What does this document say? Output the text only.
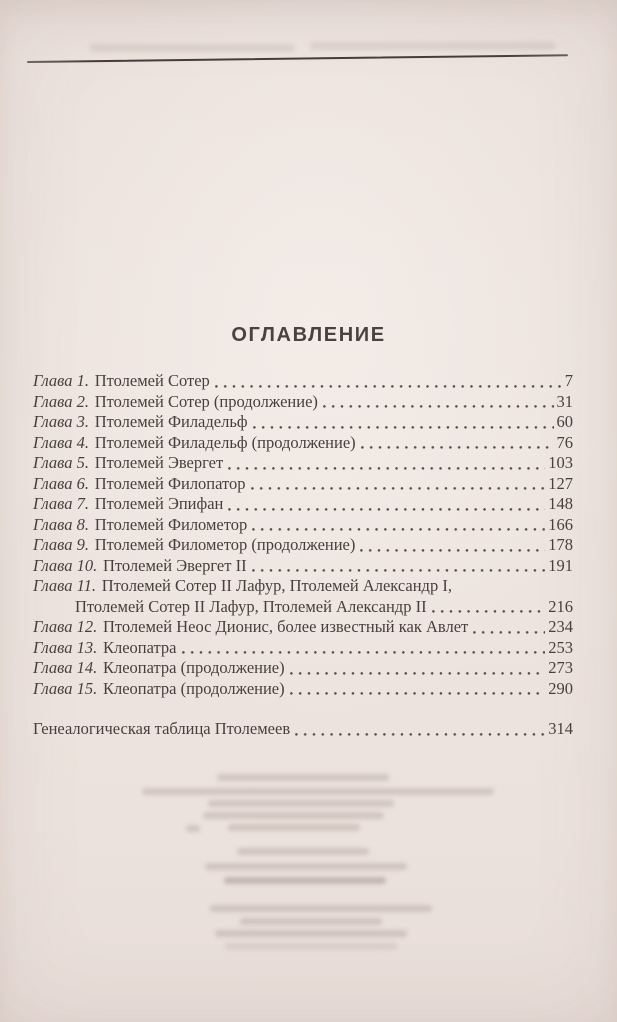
ОГЛАВЛЕНИЕ
Глава 1. Птолемей Сотер	7
Глава 2. Птолемей Сотер (продолжение)	31
Глава 3. Птолемей Филадельф	60
Глава 4. Птолемей Филадельф (продолжение)	76
Глава 5. Птолемей Эвергет	103
Глава 6. Птолемей Филопатор	127
Глава 7. Птолемей Эпифан	148
Глава 8. Птолемей Филометор	166
Глава 9. Птолемей Филометор (продолжение)	178
Глава 10. Птолемей Эвергет II	191
Глава 11. Птолемей Сотер II Лафур, Птолемей Александр I,
Птолемей Сотер II Лафур, Птолемей Александр II	216
Глава 12. Птолемей Неос Дионис, более известный как Авлет	234
Глава 13. Клеопатра	253
Глава 14. Клеопатра (продолжение)	273
Глава 15. Клеопатра (продолжение)	290
Генеалогическая таблица Птолемеев	314
